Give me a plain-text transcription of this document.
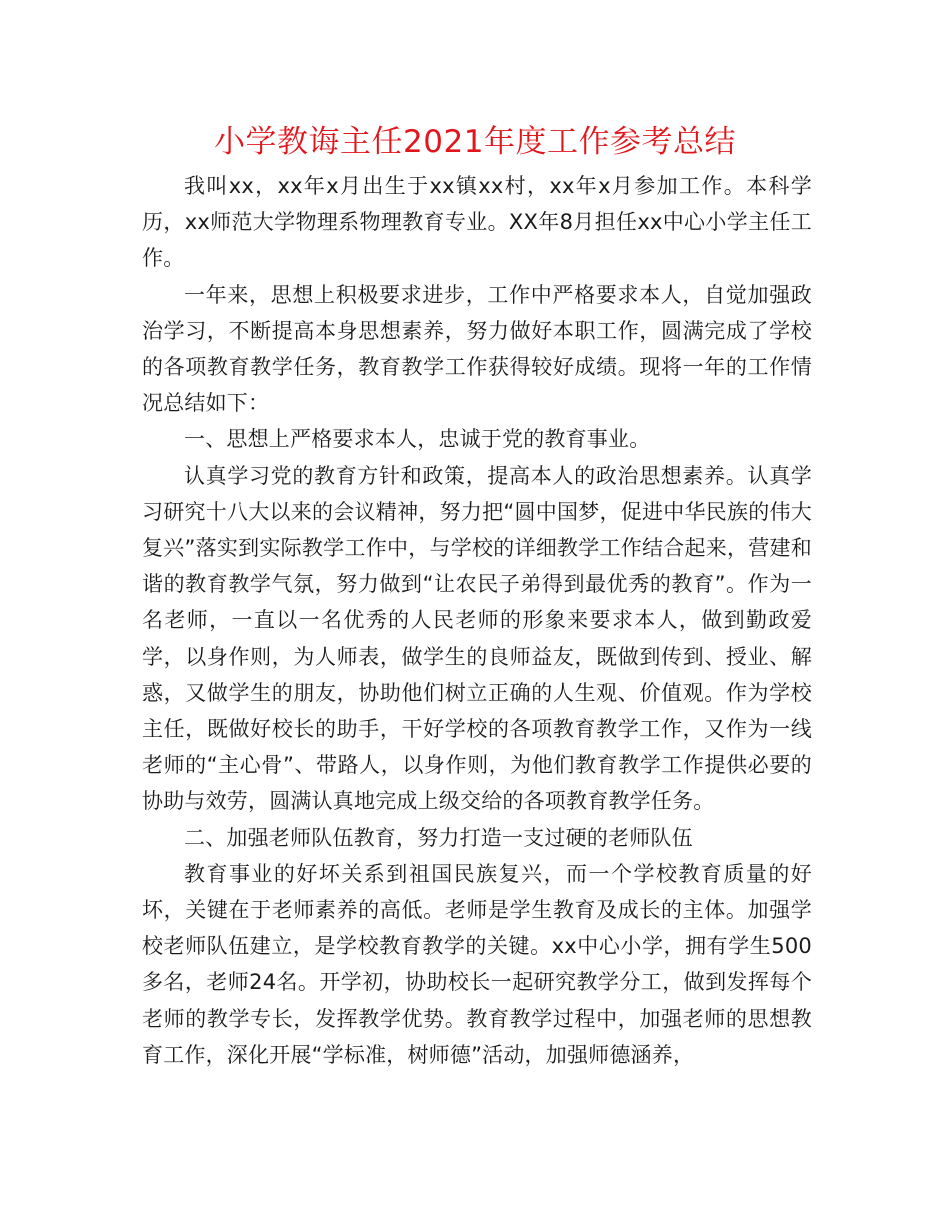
小学教诲主任2021年度工作参考总结

我叫xx，xx年x月出生于xx镇xx村，xx年x月参加工作。本科学历，xx师范大学物理系物理教育专业。XX年8月担任xx中心小学主任工作。

一年来，思想上积极要求进步，工作中严格要求本人，自觉加强政治学习，不断提高本身思想素养，努力做好本职工作，圆满完成了学校的各项教育教学任务，教育教学工作获得较好成绩。现将一年的工作情况总结如下：

一、思想上严格要求本人，忠诚于党的教育事业。

认真学习党的教育方针和政策，提高本人的政治思想素养。认真学习研究十八大以来的会议精神，努力把“圆中国梦，促进中华民族的伟大复兴”落实到实际教学工作中，与学校的详细教学工作结合起来，营建和谐的教育教学气氛，努力做到“让农民子弟得到最优秀的教育”。作为一名老师，一直以一名优秀的人民老师的形象来要求本人，做到勤政爱学，以身作则，为人师表，做学生的良师益友，既做到传到、授业、解惑，又做学生的朋友，协助他们树立正确的人生观、价值观。作为学校主任，既做好校长的助手，干好学校的各项教育教学工作，又作为一线老师的“主心骨”、带路人，以身作则，为他们教育教学工作提供必要的协助与效劳，圆满认真地完成上级交给的各项教育教学任务。

二、加强老师队伍教育，努力打造一支过硬的老师队伍

教育事业的好坏关系到祖国民族复兴，而一个学校教育质量的好坏，关键在于老师素养的高低。老师是学生教育及成长的主体。加强学校老师队伍建立，是学校教育教学的关键。xx中心小学，拥有学生500多名，老师24名。开学初，协助校长一起研究教学分工，做到发挥每个老师的教学专长，发挥教学优势。教育教学过程中，加强老师的思想教育工作，深化开展“学标准，树师德”活动，加强师德涵养，
